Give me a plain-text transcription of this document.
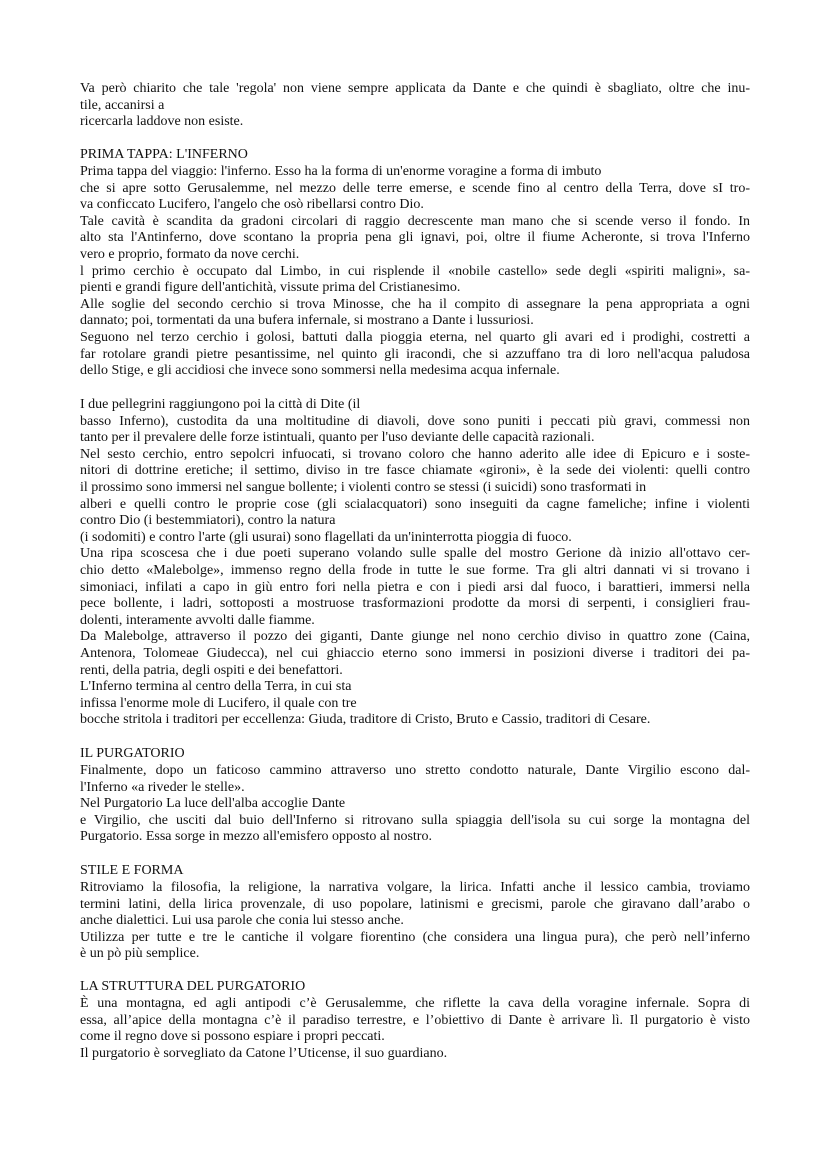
Va però chiarito che tale 'regola' non viene sempre applicata da Dante e che quindi è sbagliato, oltre che inu-
tile, accanirsi a
ricercarla laddove non esiste.
PRIMA TAPPA: L'INFERNO
Prima tappa del viaggio: l'inferno. Esso ha la forma di un'enorme voragine a forma di imbuto
che si apre sotto Gerusalemme, nel mezzo delle terre emerse, e scende fino al centro della Terra, dove sI tro-
va conficcato Lucifero, l'angelo che osò ribellarsi contro Dio.
Tale cavità è scandita da gradoni circolari di raggio decrescente man mano che si scende verso il fondo. In
alto sta l'Antinferno, dove scontano la propria pena gli ignavi, poi, oltre il fiume Acheronte, si trova l'Inferno
vero e proprio, formato da nove cerchi.
l primo cerchio è occupato dal Limbo, in cui risplende il «nobile castello» sede degli «spiriti maligni», sa-
pienti e grandi figure dell'antichità, vissute prima del Cristianesimo.
Alle soglie del secondo cerchio si trova Minosse, che ha il compito di assegnare la pena appropriata a ogni
dannato; poi, tormentati da una bufera infernale, si mostrano a Dante i lussuriosi.
Seguono nel terzo cerchio i golosi, battuti dalla pioggia eterna, nel quarto gli avari ed i prodighi, costretti a
far rotolare grandi pietre pesantissime, nel quinto gli iracondi, che si azzuffano tra di loro nell'acqua paludosa
dello Stige, e gli accidiosi che invece sono sommersi nella medesima acqua infernale.
I due pellegrini raggiungono poi la città di Dite (il
basso Inferno), custodita da una moltitudine di diavoli, dove sono puniti i peccati più gravi, commessi non
tanto per il prevalere delle forze istintuali, quanto per l'uso deviante delle capacità razionali.
Nel sesto cerchio, entro sepolcri infuocati, si trovano coloro che hanno aderito alle idee di Epicuro e i soste-
nitori di dottrine eretiche; il settimo, diviso in tre fasce chiamate «gironi», è la sede dei violenti: quelli contro
il prossimo sono immersi nel sangue bollente; i violenti contro se stessi (i suicidi) sono trasformati in
alberi e quelli contro le proprie cose (gli scialacquatori) sono inseguiti da cagne fameliche; infine i violenti
contro Dio (i bestemmiatori), contro la natura
(i sodomiti) e contro l'arte (gli usurai) sono flagellati da un'ininterrotta pioggia di fuoco.
Una ripa scoscesa che i due poeti superano volando sulle spalle del mostro Gerione dà inizio all'ottavo cer-
chio detto «Malebolge», immenso regno della frode in tutte le sue forme. Tra gli altri dannati vi si trovano i
simoniaci, infilati a capo in giù entro fori nella pietra e con i piedi arsi dal fuoco, i barattieri, immersi nella
pece bollente, i ladri, sottoposti a mostruose trasformazioni prodotte da morsi di serpenti, i consiglieri frau-
dolenti, interamente avvolti dalle fiamme.
Da Malebolge, attraverso il pozzo dei giganti, Dante giunge nel nono cerchio diviso in quattro zone (Caina,
Antenora, Tolomeae Giudecca), nel cui ghiaccio eterno sono immersi in posizioni diverse i traditori dei pa-
renti, della patria, degli ospiti e dei benefattori.
L'Inferno termina al centro della Terra, in cui sta
infissa l'enorme mole di Lucifero, il quale con tre
bocche stritola i traditori per eccellenza: Giuda, traditore di Cristo, Bruto e Cassio, traditori di Cesare.
IL PURGATORIO
Finalmente, dopo un faticoso cammino attraverso uno stretto condotto naturale, Dante Virgilio escono dal-
l'Inferno «a riveder le stelle».
Nel Purgatorio La luce dell'alba accoglie Dante
e Virgilio, che usciti dal buio dell'Inferno si ritrovano sulla spiaggia dell'isola su cui sorge la montagna del
Purgatorio. Essa sorge in mezzo all'emisfero opposto al nostro.
STILE E FORMA
Ritroviamo la filosofia, la religione, la narrativa volgare, la lirica. Infatti anche il lessico cambia, troviamo
termini latini, della lirica provenzale, di uso popolare, latinismi e grecismi, parole che giravano dall’arabo o
anche dialettici. Lui usa parole che conia lui stesso anche.
Utilizza per tutte e tre le cantiche il volgare fiorentino (che considera una lingua pura), che però nell’inferno
è un pò più semplice.
LA STRUTTURA DEL PURGATORIO
È una montagna, ed agli antipodi c’è Gerusalemme, che riflette la cava della voragine infernale. Sopra di
essa, all’apice della montagna c’è il paradiso terrestre, e l’obiettivo di Dante è arrivare lì. Il purgatorio è visto
come il regno dove si possono espiare i propri peccati.
Il purgatorio è sorvegliato da Catone l’Uticense, il suo guardiano.
